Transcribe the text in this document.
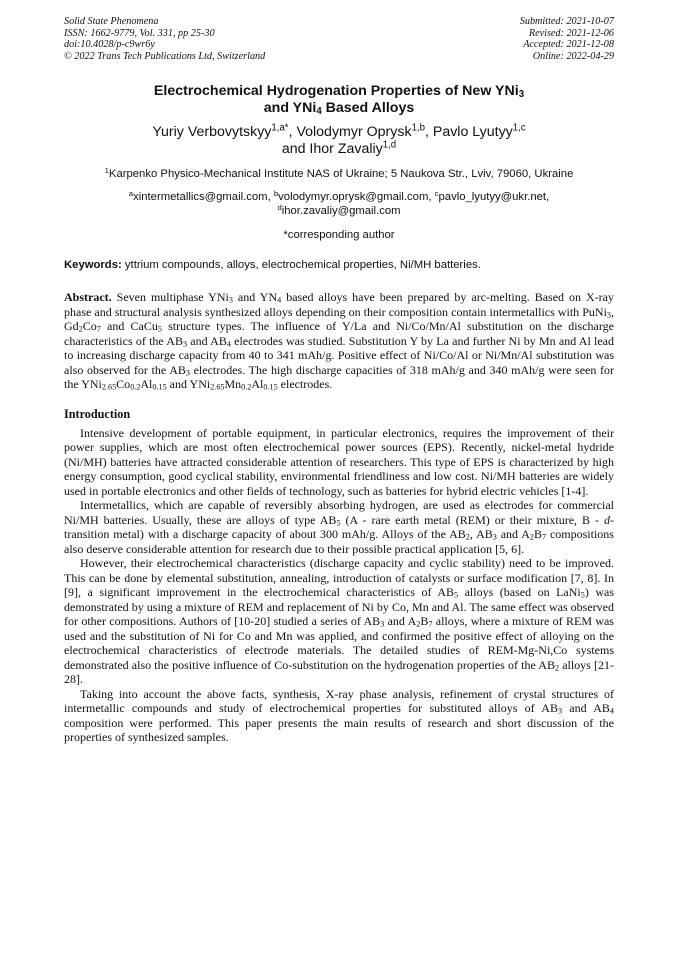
Solid State Phenomena
ISSN: 1662-9779, Vol. 331, pp 25-30
doi:10.4028/p-c9wr6y
© 2022 Trans Tech Publications Ltd, Switzerland
Submitted: 2021-10-07
Revised: 2021-12-06
Accepted: 2021-12-08
Online: 2022-04-29
Electrochemical Hydrogenation Properties of New YNi$_3$
and YNi$_4$ Based Alloys
Yuriy Verbovytskyy$^{1,a*}$, Volodymyr Oprysk$^{1,b}$, Pavlo Lyutyy$^{1,c}$
and Ihor Zavaliy$^{1,d}$
$^1$Karpenko Physico-Mechanical Institute NAS of Ukraine; 5 Naukova Str., Lviv, 79060, Ukraine
$^a$xintermetallics@gmail.com, $^b$volodymyr.oprysk@gmail.com, $^c$pavlo_lyutyy@ukr.net,
$^d$ihor.zavaliy@gmail.com
*corresponding author
Keywords: yttrium compounds, alloys, electrochemical properties, Ni/MH batteries.
Abstract. Seven multiphase YNi$_3$ and $YN_4$ based alloys have been prepared by arc-melting. Based on X-ray phase and structural analysis synthesized alloys depending on their composition contain intermetallics with PuNi$_3$, $Gd_2Co_7$ and CaCu$_5$ structure types. The influence of Y/La and Ni/Co/Mn/Al substitution on the discharge characteristics of the $AB_3$ and $AB_4$ electrodes was studied. Substitution Y by La and further Ni by Mn and Al lead to increasing discharge capacity from 40 to 341 mAh/g. Positive effect of Ni/Co/Al or Ni/Mn/Al substitution was also observed for the $AB_3$ electrodes. The high discharge capacities of 318 mAh/g and 340 mAh/g were seen for the $YNi_{2.65}Co_{0.2}Al_{0.15}$ and $YNi_{2.65}Mn_{0.2}Al_{0.15}$ electrodes.
Introduction

Intensive development of portable equipment, in particular electronics, requires the improvement of their power supplies, which are most often electrochemical power sources (EPS). Recently, nickel-metal hydride (Ni/MH) batteries have attracted considerable attention of researchers. This type of EPS is characterized by high energy consumption, good cyclical stability, environmental friendliness and low cost. Ni/MH batteries are widely used in portable electronics and other fields of technology, such as batteries for hybrid electric vehicles [1-4].

Intermetallics, which are capable of reversibly absorbing hydrogen, are used as electrodes for commercial Ni/MH batteries. Usually, these are alloys of type $AB_5$ (A - rare earth metal (REM) or their mixture, B - d-transition metal) with a discharge capacity of about 300 mAh/g. Alloys of the $AB_2$, $AB_3$ and $A_2B_7$ compositions also deserve considerable attention for research due to their possible practical application [5, 6].

However, their electrochemical characteristics (discharge capacity and cyclic stability) need to be improved. This can be done by elemental substitution, annealing, introduction of catalysts or surface modification [7, 8]. In [9], a significant improvement in the electrochemical characteristics of $AB_5$ alloys (based on LaNi$_5$) was demonstrated by using a mixture of REM and replacement of Ni by Co, Mn and Al. The same effect was observed for other compositions. Authors of [10-20] studied a series of $AB_3$ and $A_2B_7$ alloys, where a mixture of REM was used and the substitution of Ni for Co and Mn was applied, and confirmed the positive effect of alloying on the electrochemical characteristics of electrode materials. The detailed studies of REM-Mg-Ni,Co systems demonstrated also the positive influence of Co-substitution on the hydrogenation properties of the $AB_2$ alloys [21-28].

Taking into account the above facts, synthesis, X-ray phase analysis, refinement of crystal structures of intermetallic compounds and study of electrochemical properties for substituted alloys of $AB_3$ and $AB_4$ composition were performed. This paper presents the main results of research and short discussion of the properties of synthesized samples.
